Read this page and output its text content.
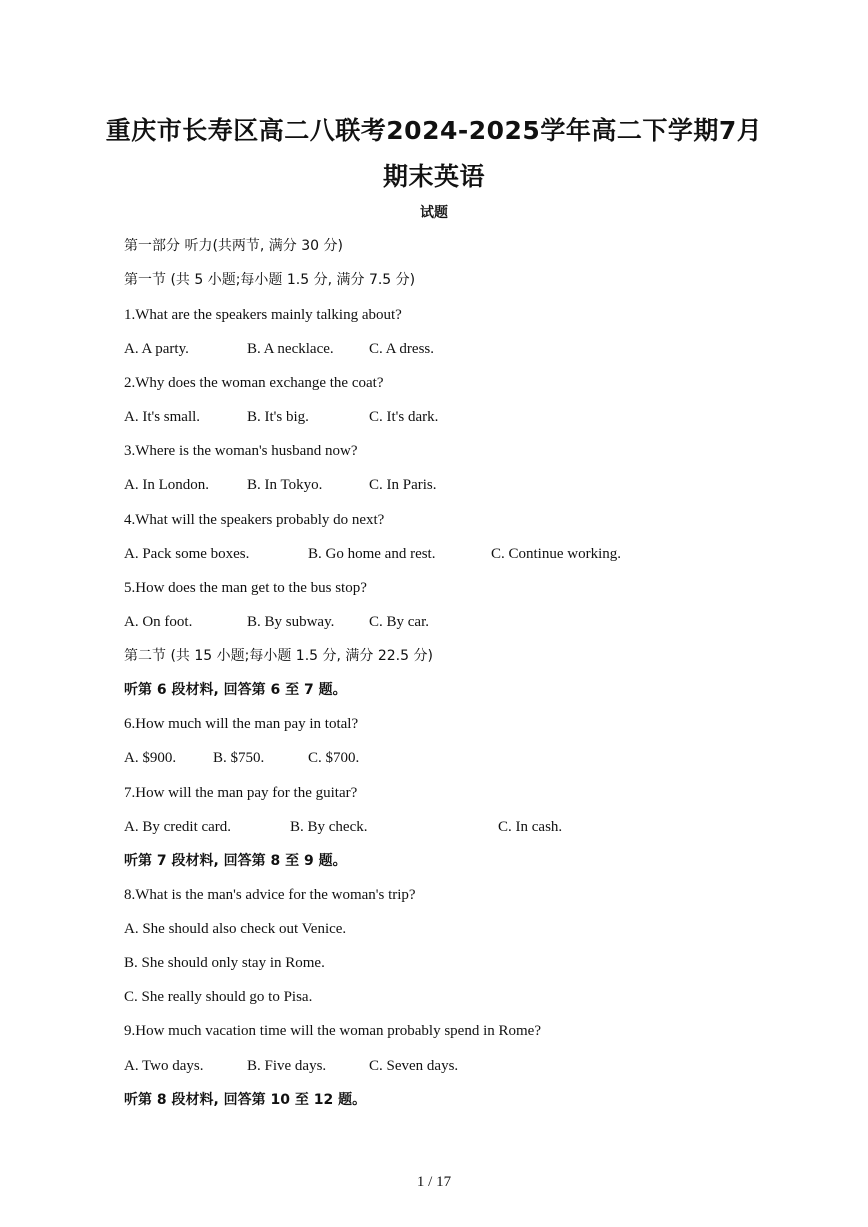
重庆市长寿区高二八联考2024-2025学年高二下学期7月
期末英语
试题
第一部分 听力(共两节, 满分 30 分)
第一节 (共 5 小题;每小题 1.5 分, 满分 7.5 分)
1.What are the speakers mainly talking about?
A. A party.	B. A necklace. C. A dress.
2.Why does the woman exchange the coat?
A. It's small.	B. It's big.	C. It's dark.
3.Where is the woman's husband now?
A. In London.	B. In Tokyo.	C. In Paris.
4.What will the speakers probably do next?
A. Pack some boxes.	B. Go home and rest.	C. Continue working.
5.How does the man get to the bus stop?
A. On foot.	B. By subway. C. By car.
第二节 (共 15 小题;每小题 1.5 分, 满分 22.5 分)
听第 6 段材料, 回答第 6 至 7 题。
6.How much will the man pay in total?
A. $900. B. $750.	C. $700.
7.How will the man pay for the guitar?
A. By credit card.	B. By check.	C. In cash.
听第 7 段材料, 回答第 8 至 9 题。
8.What is the man's advice for the woman's trip?
A. She should also check out Venice.
B. She should only stay in Rome.
C. She really should go to Pisa.
9.How much vacation time will the woman probably spend in Rome?
A. Two days.	B. Five days.	C. Seven days.
听第 8 段材料, 回答第 10 至 12 题。
1 / 17
